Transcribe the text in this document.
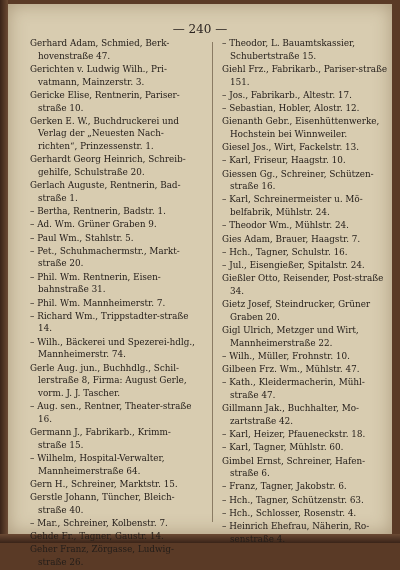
— 240 —
Gerhard Adam, Schmied, Berk-hovenstraße 47.
Gerichten v. Ludwig Wilh., Pri-vatmann, Mainzerstr. 3.
Gericke Elise, Rentnerin, Pariser-straße 10.
Gerken E. W., Buchdruckerei und Verlag der „Neuesten Nach-richten“, Prinzessenstr. 1.
Gerhardt Georg Heinrich, Schreib-gehilfe, Schulstraße 20.
Gerlach Auguste, Rentnerin, Bad-straße 1.
– Bertha, Rentnerin, Badstr. 1.
– Ad. Wm. Grüner Graben 9.
– Paul Wm., Stahlstr. 5.
– Pet., Schuhmachermstr., Markt-straße 20.
– Phil. Wm. Rentnerin, Eisen-bahnstraße 31.
– Phil. Wm. Mannheimerstr. 7.
– Richard Wm., Trippstadter-straße 14.
– Wilh., Bäckerei und Spezerei-hdlg., Mannheimerstr. 74.
Gerle Aug. jun., Buchhdlg., Schil-lerstraße 8, Firma: August Gerle, vorm. J. J. Tascher.
– Aug. sen., Rentner, Theater-straße 16.
Germann J., Fabrikarb., Krimm-straße 15.
– Wilhelm, Hospital-Verwalter, Mannheimerstraße 64.
Gern H., Schreiner, Marktstr. 15.
Gerstle Johann, Tüncher, Bleich-straße 40.
– Mar., Schreiner, Kolbenstr. 7.
Gehde Fr., Tagner, Gaustr. 14.
Geher Franz, Zörgasse, Ludwig-straße 26.
– Theodor, L. Bauamtskassier, Schubertstraße 15.
Giehl Frz., Fabrikarb., Pariser-straße 151.
– Jos., Fabrikarb., Altestr. 17.
– Sebastian, Hobler, Alostr. 12.
Gienanth Gebr., Eisenhüttenwerke, Hochstein bei Winnweiler.
Giesel Jos., Wirt, Fackelstr. 13.
– Karl, Friseur, Haagstr. 10.
Giessen Gg., Schreiner, Schützen-straße 16.
– Karl, Schreinermeister u. Mö-belfabrik, Mühlstr. 24.
– Theodor Wm., Mühlstr. 24.
Gies Adam, Brauer, Haagstr. 7.
– Hch., Tagner, Schulstr. 16.
– Jul., Eisengießer, Spitalstr. 24.
Gießler Otto, Reisender, Post-straße 34.
Gietz Josef, Steindrucker, Grüner Graben 20.
Gigl Ulrich, Metzger und Wirt, Mannheimerstraße 22.
– Wilh., Müller, Frohnstr. 10.
Gilbeen Frz. Wm., Mühlstr. 47.
– Kath., Kleidermacherin, Mühl-straße 47.
Gillmann Jak., Buchhalter, Mo-zartstraße 42.
– Karl, Heizer, Pfaueneckstr. 18.
– Karl, Tagner, Mühlstr. 60.
Gimbel Ernst, Schreiner, Hafen-straße 6.
– Franz, Tagner, Jakobstr. 6.
– Hch., Tagner, Schützenstr. 63.
– Hch., Schlosser, Rosenstr. 4.
– Heinrich Ehefrau, Näherin, Ro-senstraße 4.
